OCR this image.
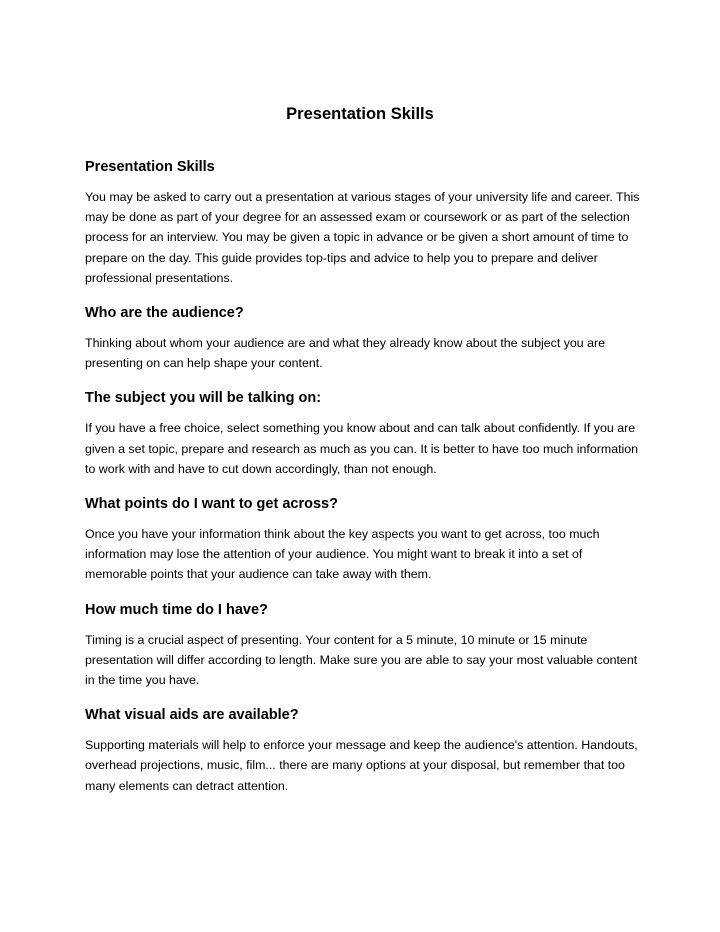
Presentation Skills
Presentation Skills

You may be asked to carry out a presentation at various stages of your university life and career. This may be done as part of your degree for an assessed exam or coursework or as part of the selection process for an interview. You may be given a topic in advance or be given a short amount of time to prepare on the day. This guide provides top-tips and advice to help you to prepare and deliver professional presentations.

Who are the audience?

Thinking about whom your audience are and what they already know about the subject you are presenting on can help shape your content.

The subject you will be talking on:

If you have a free choice, select something you know about and can talk about confidently. If you are given a set topic, prepare and research as much as you can. It is better to have too much information to work with and have to cut down accordingly, than not enough.

What points do I want to get across?

Once you have your information think about the key aspects you want to get across, too much information may lose the attention of your audience. You might want to break it into a set of memorable points that your audience can take away with them.

How much time do I have?

Timing is a crucial aspect of presenting. Your content for a 5 minute, 10 minute or 15 minute presentation will differ according to length. Make sure you are able to say your most valuable content in the time you have.

What visual aids are available?

Supporting materials will help to enforce your message and keep the audience's attention. Handouts, overhead projections, music, film... there are many options at your disposal, but remember that too many elements can detract attention.
